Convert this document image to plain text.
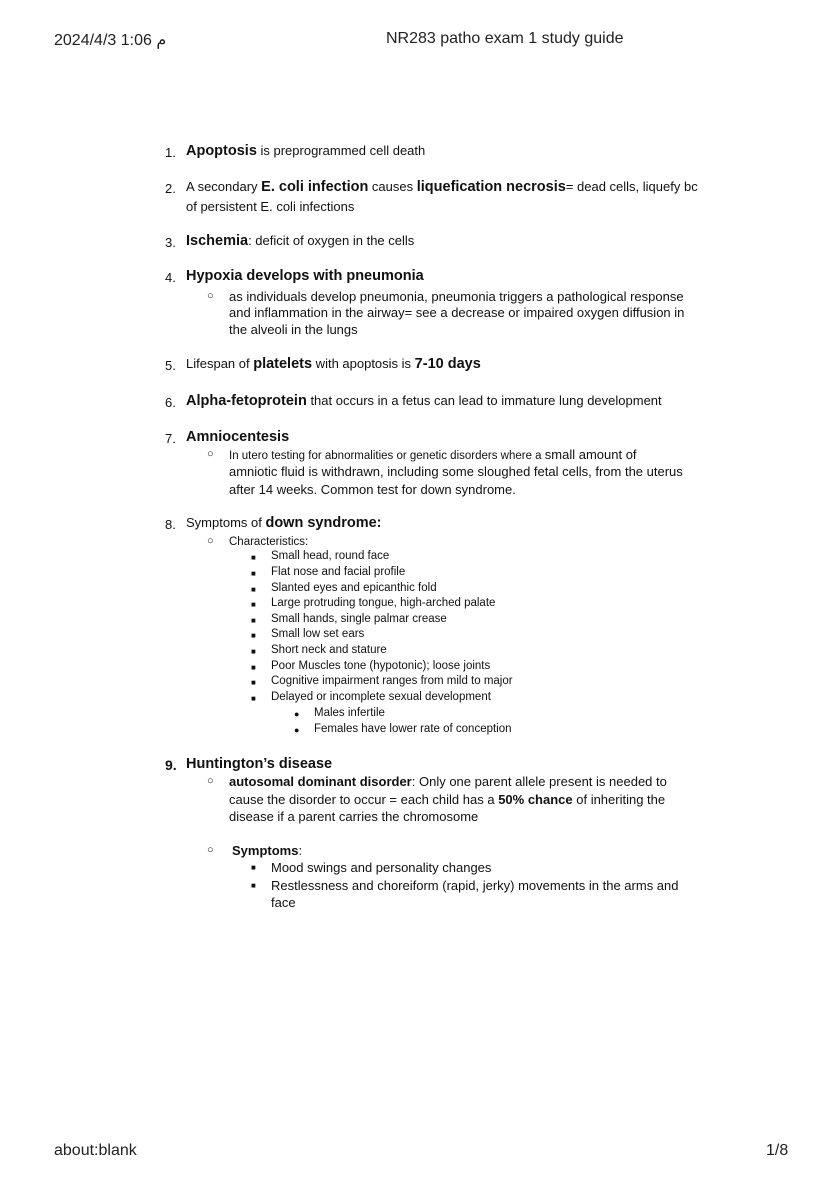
2024/4/3 1:06 م	NR283 patho exam 1 study guide
1. Apoptosis is preprogrammed cell death
2. A secondary E. coli infection causes liquefication necrosis= dead cells, liquefy bc
of persistent E. coli infections
3. Ischemia: deficit of oxygen in the cells
4. Hypoxia develops with pneumonia
○ as individuals develop pneumonia, pneumonia triggers a pathological response
and inflammation in the airway= see a decrease or impaired oxygen diffusion in
the alveoli in the lungs
5. Lifespan of platelets with apoptosis is 7-10 days
6. Alpha-fetoprotein that occurs in a fetus can lead to immature lung development
7. Amniocentesis
○ In utero testing for abnormalities or genetic disorders where a small amount of
amniotic fluid is withdrawn, including some sloughed fetal cells, from the uterus
after 14 weeks. Common test for down syndrome.
8. Symptoms of down syndrome:
○ Characteristics:
■ Small head, round face
■ Flat nose and facial profile
■ Slanted eyes and epicanthic fold
■ Large protruding tongue, high-arched palate
■ Small hands, single palmar crease
■ Small low set ears
■ Short neck and stature
■ Poor Muscles tone (hypotonic); loose joints
■ Cognitive impairment ranges from mild to major
■ Delayed or incomplete sexual development
● Males infertile
● Females have lower rate of conception
9. Huntington’s disease
○ autosomal dominant disorder: Only one parent allele present is needed to
cause the disorder to occur = each child has a 50% chance of inheriting the
disease if a parent carries the chromosome
○ Symptoms:
■ Mood swings and personality changes
■ Restlessness and choreiform (rapid, jerky) movements in the arms and
face
about:blank	1/8
